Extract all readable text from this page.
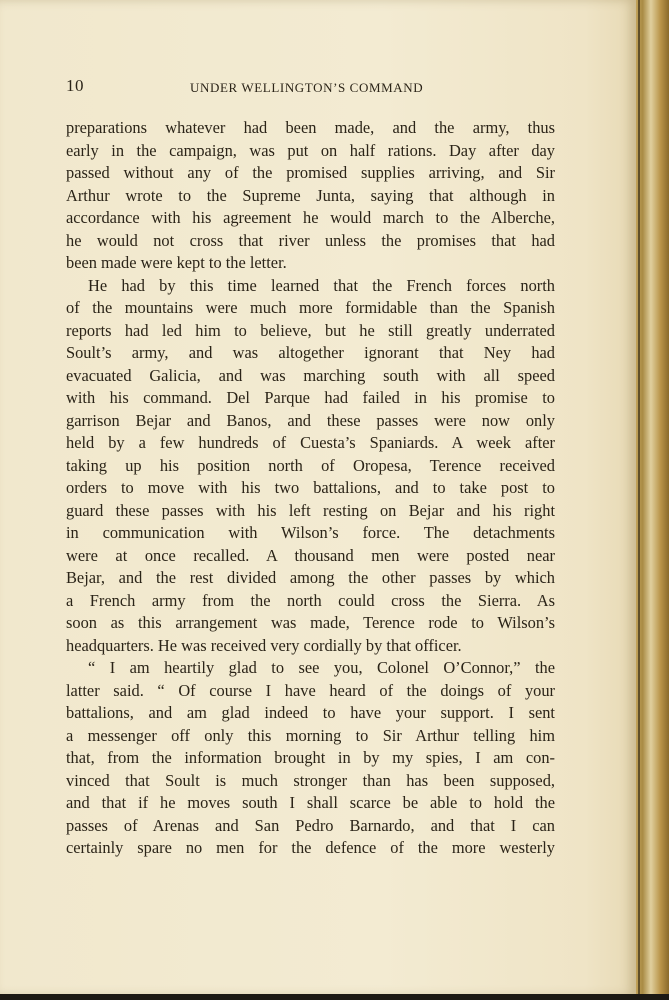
10	UNDER WELLINGTON’S COMMAND
preparations whatever had been made, and the army, thus
early in the campaign, was put on half rations. Day after day
passed without any of the promised supplies arriving, and Sir
Arthur wrote to the Supreme Junta, saying that although in
accordance with his agreement he would march to the Alberche,
he would not cross that river unless the promises that had
been made were kept to the letter.
He had by this time learned that the French forces north
of the mountains were much more formidable than the Spanish
reports had led him to believe, but he still greatly underrated
Soult’s army, and was altogether ignorant that Ney had
evacuated Galicia, and was marching south with all speed
with his command. Del Parque had failed in his promise to
garrison Bejar and Banos, and these passes were now only
held by a few hundreds of Cuesta’s Spaniards. A week after
taking up his position north of Oropesa, Terence received
orders to move with his two battalions, and to take post to
guard these passes with his left resting on Bejar and his right
in communication with Wilson’s force. The detachments
were at once recalled. A thousand men were posted near
Bejar, and the rest divided among the other passes by which
a French army from the north could cross the Sierra. As
soon as this arrangement was made, Terence rode to Wilson’s
headquarters. He was received very cordially by that officer.
“ I am heartily glad to see you, Colonel O’Connor,” the
latter said. “ Of course I have heard of the doings of your
battalions, and am glad indeed to have your support. I sent
a messenger off only this morning to Sir Arthur telling him
that, from the information brought in by my spies, I am con-
vinced that Soult is much stronger than has been supposed,
and that if he moves south I shall scarce be able to hold the
passes of Arenas and San Pedro Barnardo, and that I can
certainly spare no men for the defence of the more westerly
